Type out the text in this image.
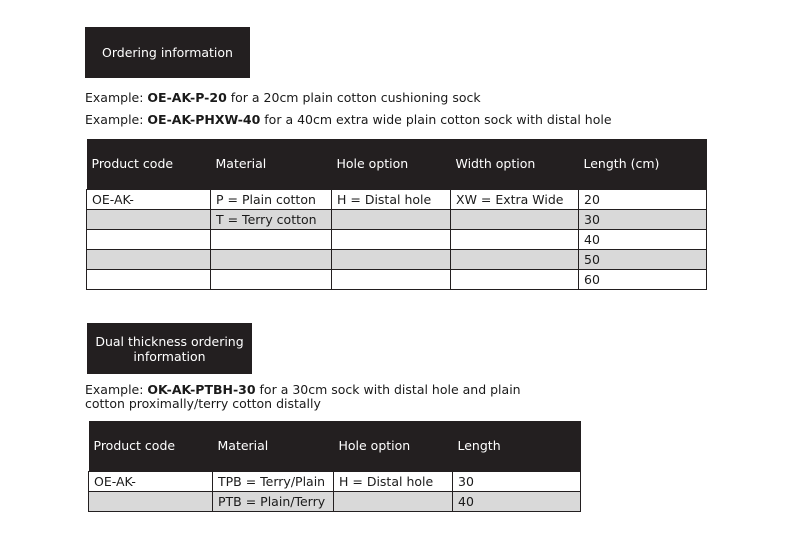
Ordering information
Example: OE-AK-P-20 for a 20cm plain cotton cushioning sock
Example: OE-AK-PHXW-40 for a 40cm extra wide plain cotton sock with distal hole
Product code	Material	Hole option	Width option	Length (cm)
OE-AK-	P = Plain cotton	H = Distal hole	XW = Extra Wide	20
	T = Terry cotton			30
				40
				50
				60
Dual thickness ordering information
Example: OK-AK-PTBH-30 for a 30cm sock with distal hole and plain cotton proximally/terry cotton distally
Product code	Material	Hole option	Length
OE-AK-	TPB = Terry/Plain	H = Distal hole	30
	PTB = Plain/Terry		40
